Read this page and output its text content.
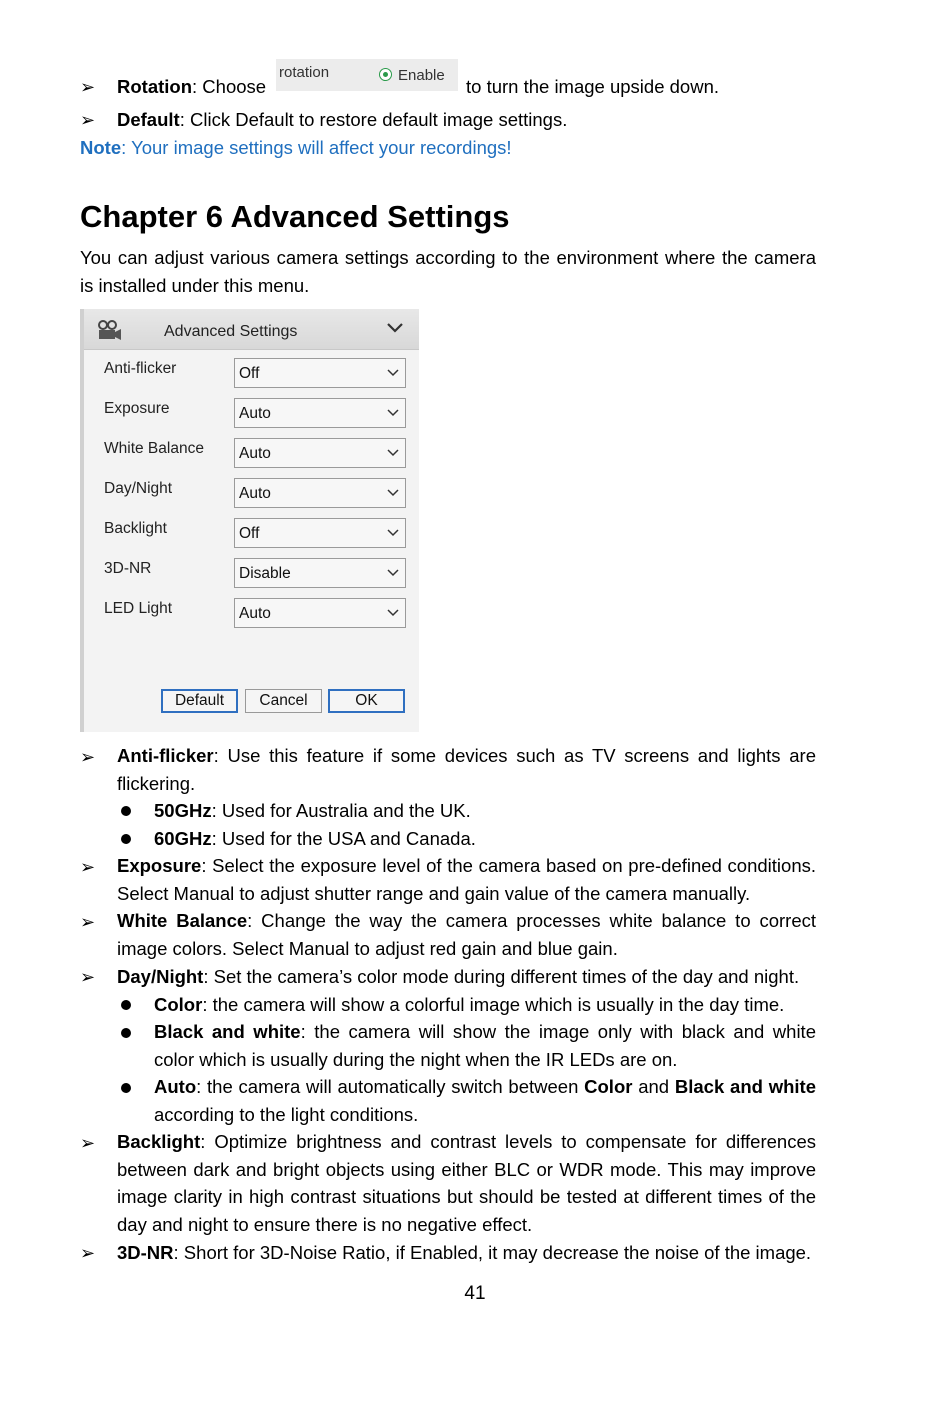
➢ Rotation: Choose
rotation	Enable
to turn the image upside down.
➢ Default: Click Default to restore default image settings.
Note: Your image settings will affect your recordings!
Chapter 6 Advanced Settings
You can adjust various camera settings according to the environment where the camera is installed under this menu.
Advanced Settings
Anti-flicker	Off
Exposure	Auto
White Balance Auto
Day/Night	Auto
Backlight	Off
3D-NR	Disable
LED Light	Auto
Default	Cancel	OK
➢ Anti-flicker: Use this feature if some devices such as TV screens and lights are flickering.
50GHz: Used for Australia and the UK.
60GHz: Used for the USA and Canada.
➢ Exposure: Select the exposure level of the camera based on pre-defined conditions. Select Manual to adjust shutter range and gain value of the camera manually.
➢ White Balance: Change the way the camera processes white balance to correct image colors. Select Manual to adjust red gain and blue gain.
➢ Day/Night: Set the camera’s color mode during different times of the day and night.
Color: the camera will show a colorful image which is usually in the day time.
Black and white: the camera will show the image only with black and white color which is usually during the night when the IR LEDs are on.
Auto: the camera will automatically switch between Color and Black and white according to the light conditions.
➢ Backlight: Optimize brightness and contrast levels to compensate for differences between dark and bright objects using either BLC or WDR mode. This may improve image clarity in high contrast situations but should be tested at different times of the day and night to ensure there is no negative effect.
➢ 3D-NR: Short for 3D-Noise Ratio, if Enabled, it may decrease the noise of the image.
41
